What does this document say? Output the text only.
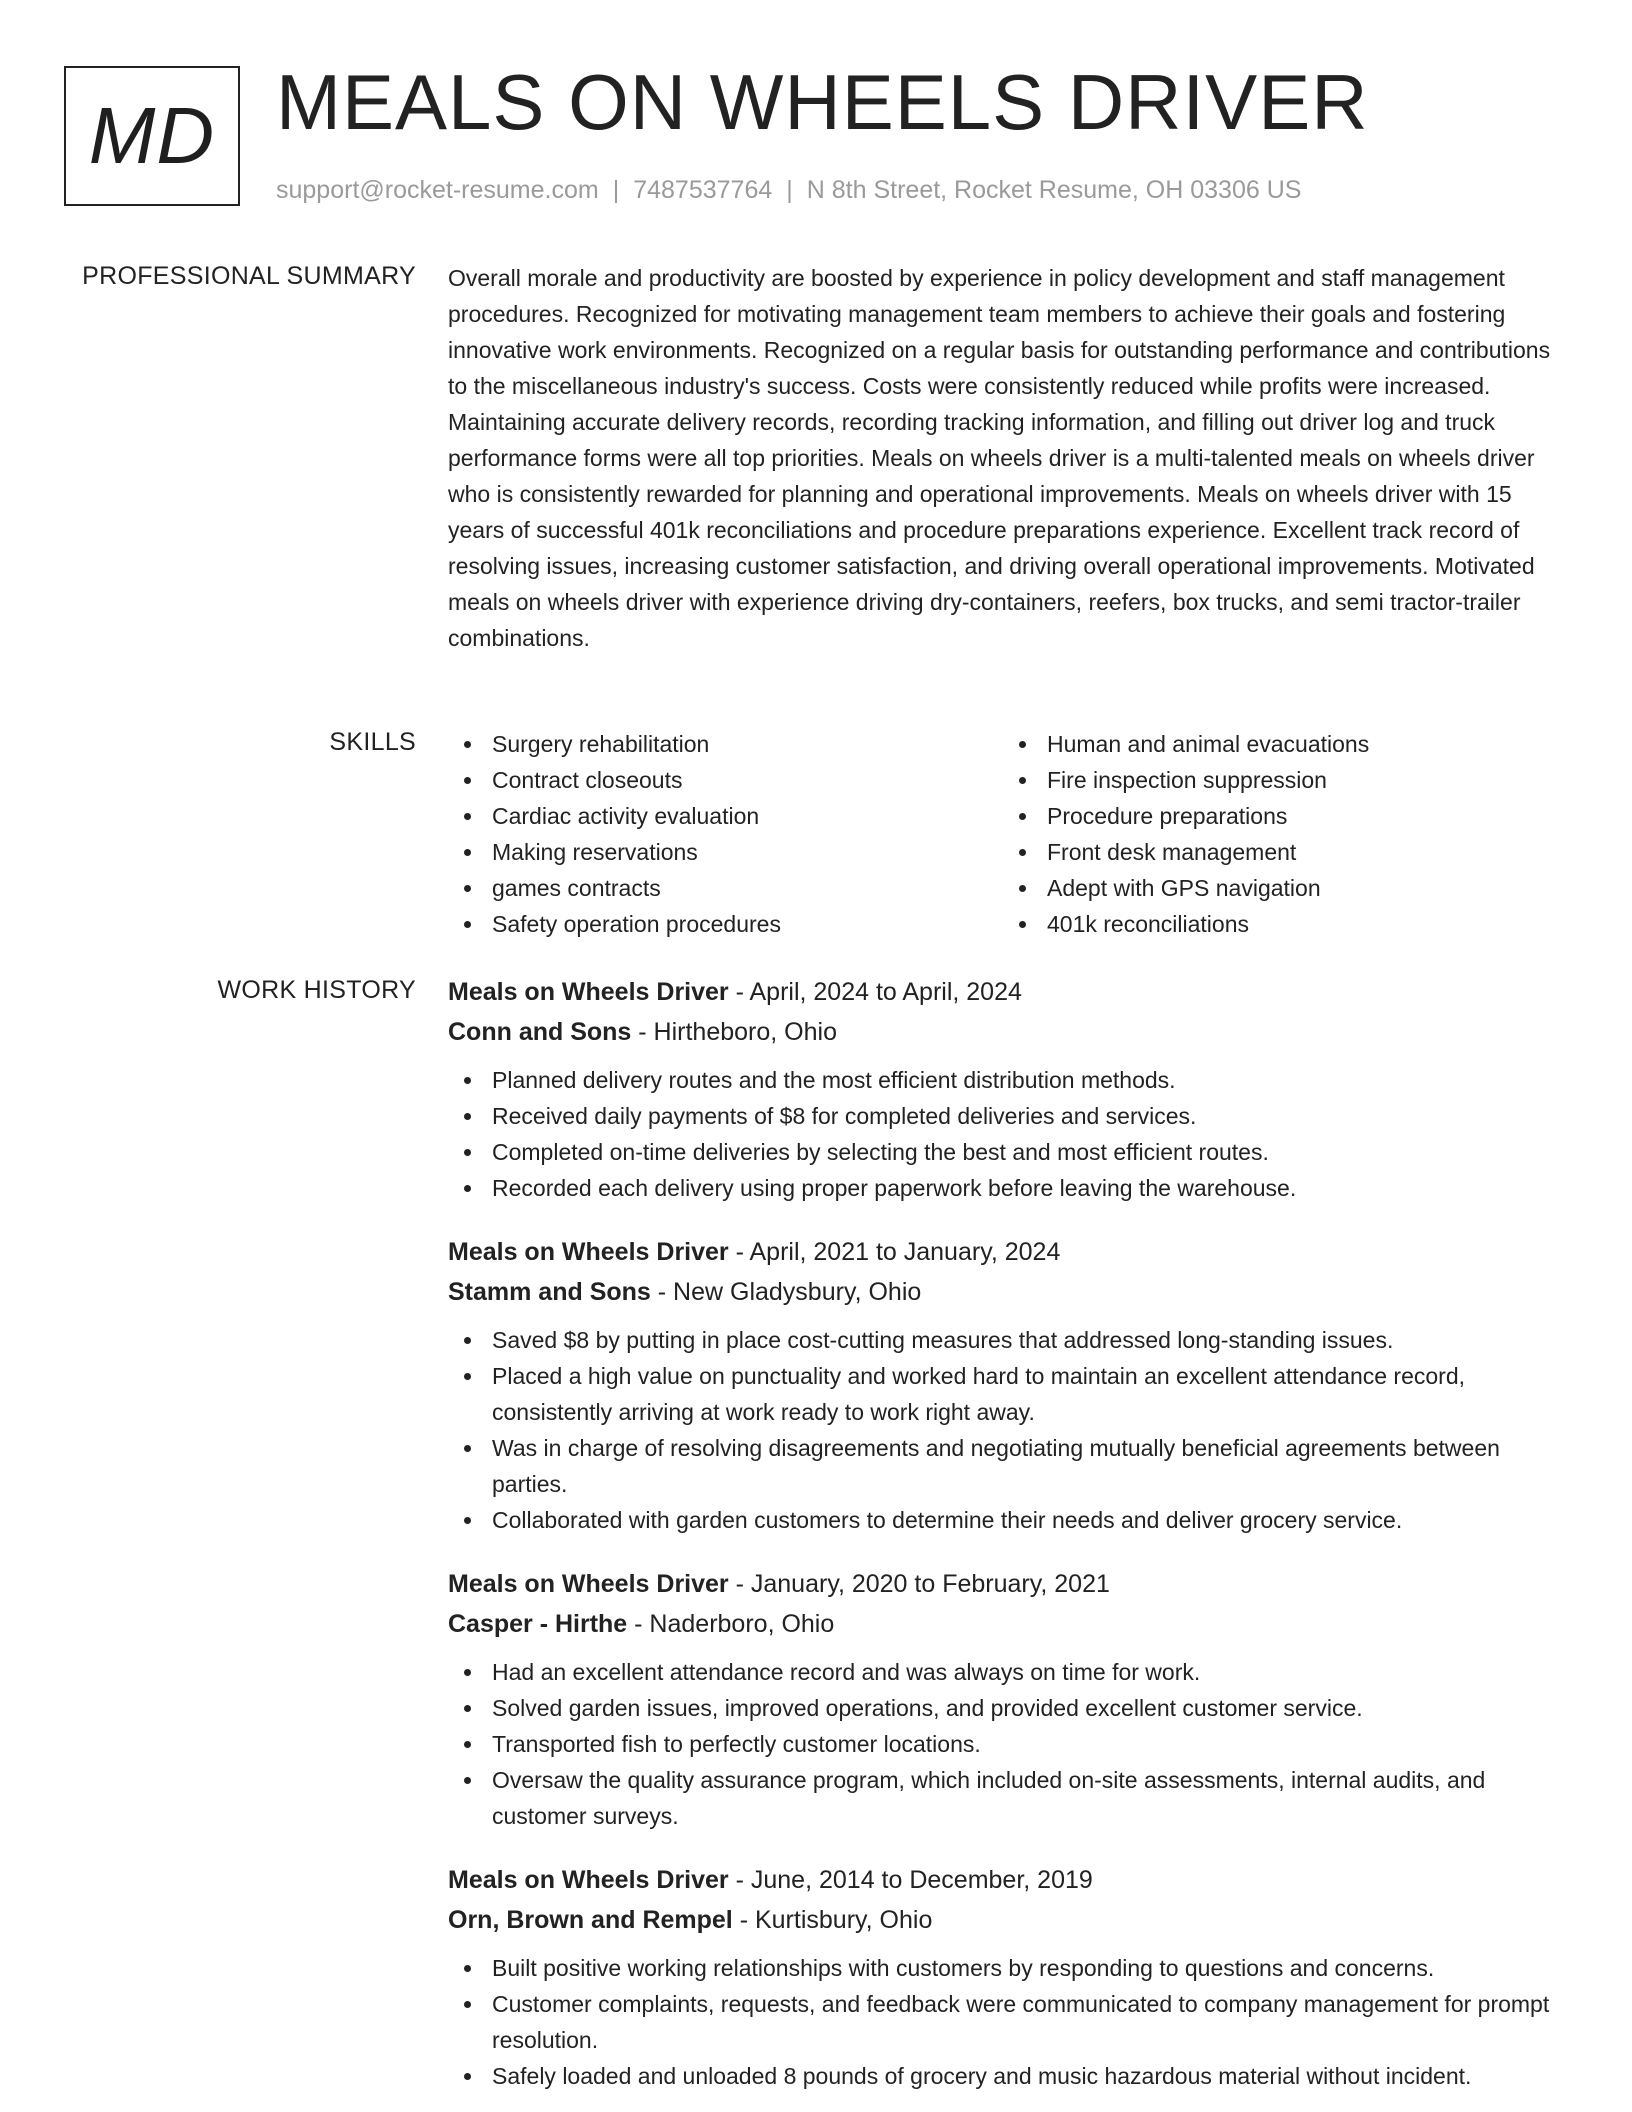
MD MEALS ON WHEELS DRIVER
support@rocket-resume.com | 7487537764 | N 8th Street, Rocket Resume, OH 03306 US
PROFESSIONAL SUMMARY Overall morale and productivity are boosted by experience in policy development and staff management procedures. Recognized for motivating management team members to achieve their goals and fostering innovative work environments. Recognized on a regular basis for outstanding performance and contributions to the miscellaneous industry's success. Costs were consistently reduced while profits were increased. Maintaining accurate delivery records, recording tracking information, and filling out driver log and truck performance forms were all top priorities. Meals on wheels driver is a multi-talented meals on wheels driver who is consistently rewarded for planning and operational improvements. Meals on wheels driver with 15 years of successful 401k reconciliations and procedure preparations experience. Excellent track record of resolving issues, increasing customer satisfaction, and driving overall operational improvements. Motivated meals on wheels driver with experience driving dry-containers, reefers, box trucks, and semi tractor-trailer combinations.

SKILLS	Surgery rehabilitation
Contract closeouts
Cardiac activity evaluation
Making reservations
games contracts
Safety operation procedures
Human and animal evacuations
Fire inspection suppression
Procedure preparations
Front desk management
Adept with GPS navigation
401k reconciliations
WORK HISTORY Meals on Wheels Driver - April, 2024 to April, 2024
Conn and Sons - Hirtheboro, Ohio
Planned delivery routes and the most efficient distribution methods.
Received daily payments of $8 for completed deliveries and services.
Completed on-time deliveries by selecting the best and most efficient routes.
Recorded each delivery using proper paperwork before leaving the warehouse.
Meals on Wheels Driver - April, 2021 to January, 2024
Stamm and Sons - New Gladysbury, Ohio
Saved $8 by putting in place cost-cutting measures that addressed long-standing issues.
Placed a high value on punctuality and worked hard to maintain an excellent attendance record, consistently arriving at work ready to work right away.
Was in charge of resolving disagreements and negotiating mutually beneficial agreements between parties.
Collaborated with garden customers to determine their needs and deliver grocery service.
Meals on Wheels Driver - January, 2020 to February, 2021
Casper - Hirthe - Naderboro, Ohio
Had an excellent attendance record and was always on time for work.
Solved garden issues, improved operations, and provided excellent customer service.
Transported fish to perfectly customer locations.
Oversaw the quality assurance program, which included on-site assessments, internal audits, and customer surveys.
Meals on Wheels Driver - June, 2014 to December, 2019
Orn, Brown and Rempel - Kurtisbury, Ohio
Built positive working relationships with customers by responding to questions and concerns.
Customer complaints, requests, and feedback were communicated to company management for prompt resolution.
Safely loaded and unloaded 8 pounds of grocery and music hazardous material without incident.
